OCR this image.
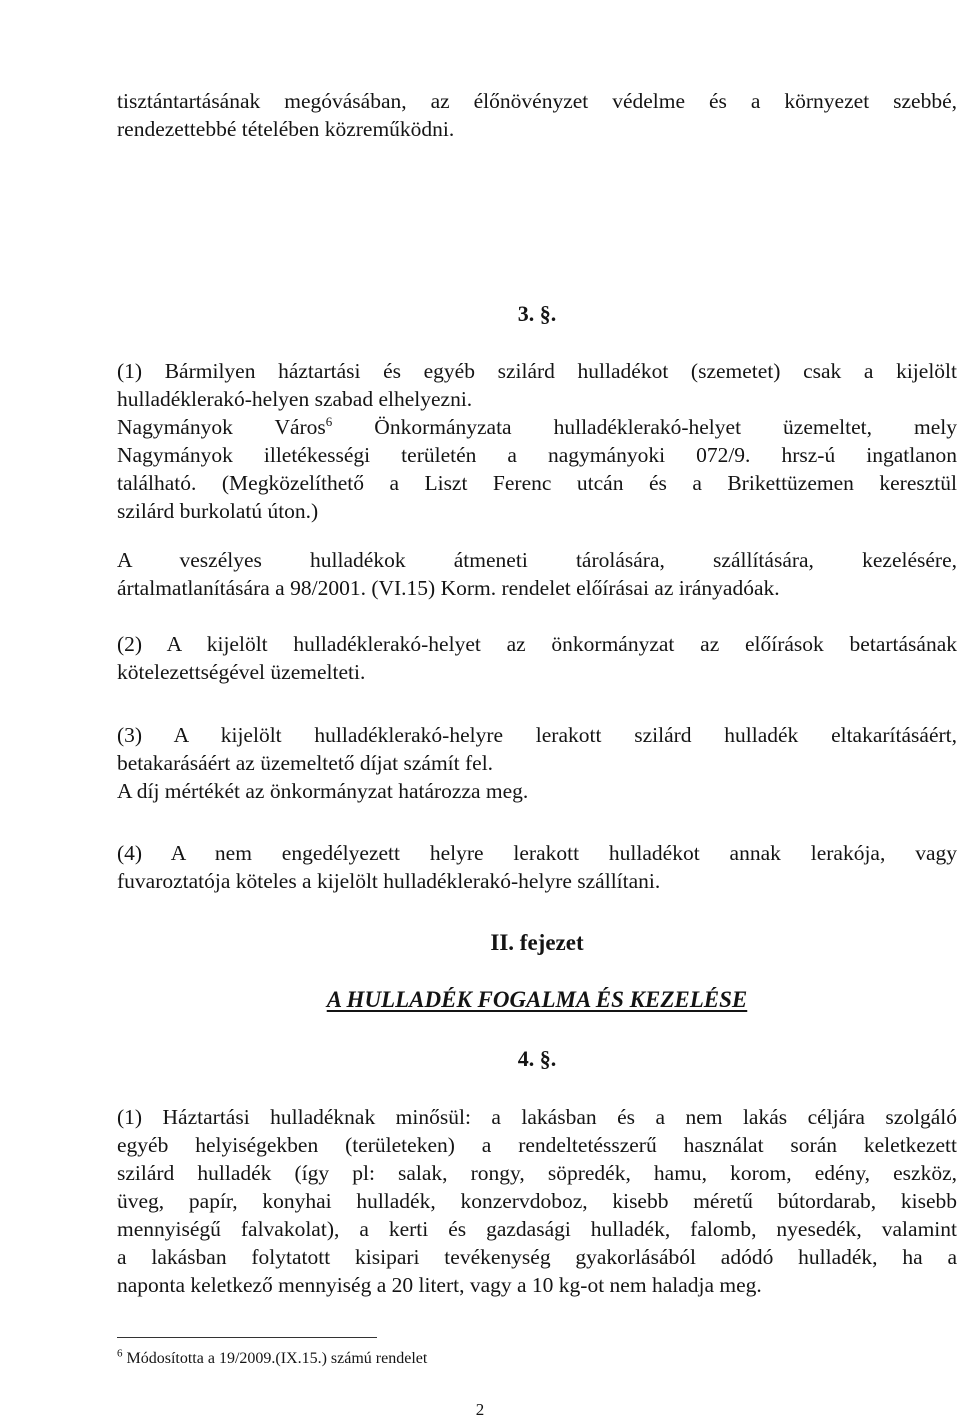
tisztántartásának megóvásában, az élőnövényzet védelme és a környezet szebbé,
rendezettebbé tételében közreműködni.
3. §.
(1) Bármilyen háztartási és egyéb szilárd hulladékot (szemetet) csak a kijelölt
hulladéklerakó-helyen szabad elhelyezni.
Nagymányok Város$^6$ Önkormányzata hulladéklerakó-helyet üzemeltet, mely
Nagymányok illetékességi területén a nagymányoki 072/9. hrsz-ú ingatlanon
található. (Megközelíthető a Liszt Ferenc utcán és a Brikettüzemen keresztül
szilárd burkolatú úton.)
A veszélyes hulladékok átmeneti tárolására, szállítására, kezelésére,
ártalmatlanítására a 98/2001. (VI.15) Korm. rendelet előírásai az irányadóak.
(2) A kijelölt hulladéklerakó-helyet az önkormányzat az előírások betartásának
kötelezettségével üzemelteti.
(3) A kijelölt hulladéklerakó-helyre lerakott szilárd hulladék eltakarításáért,
betakarásáért az üzemeltető díjat számít fel.
A díj mértékét az önkormányzat határozza meg.
(4) A nem engedélyezett helyre lerakott hulladékot annak lerakója, vagy
fuvaroztatója köteles a kijelölt hulladéklerakó-helyre szállítani.
II. fejezet
A HULLADÉK FOGALMA ÉS KEZELÉSE
4. §.
(1) Háztartási hulladéknak minősül: a lakásban és a nem lakás céljára szolgáló
egyéb helyiségekben (területeken) a rendeltetésszerű használat során keletkezett
szilárd hulladék (így pl: salak, rongy, söpredék, hamu, korom, edény, eszköz,
üveg, papír, konyhai hulladék, konzervdoboz, kisebb méretű bútordarab, kisebb
mennyiségű falvakolat), a kerti és gazdasági hulladék, falomb, nyesedék, valamint
a lakásban folytatott kisipari tevékenység gyakorlásából adódó hulladék, ha a
naponta keletkező mennyiség a 20 litert, vagy a 10 kg-ot nem haladja meg.
$^6$ Módosította a 19/2009.(IX.15.) számú rendelet
2
